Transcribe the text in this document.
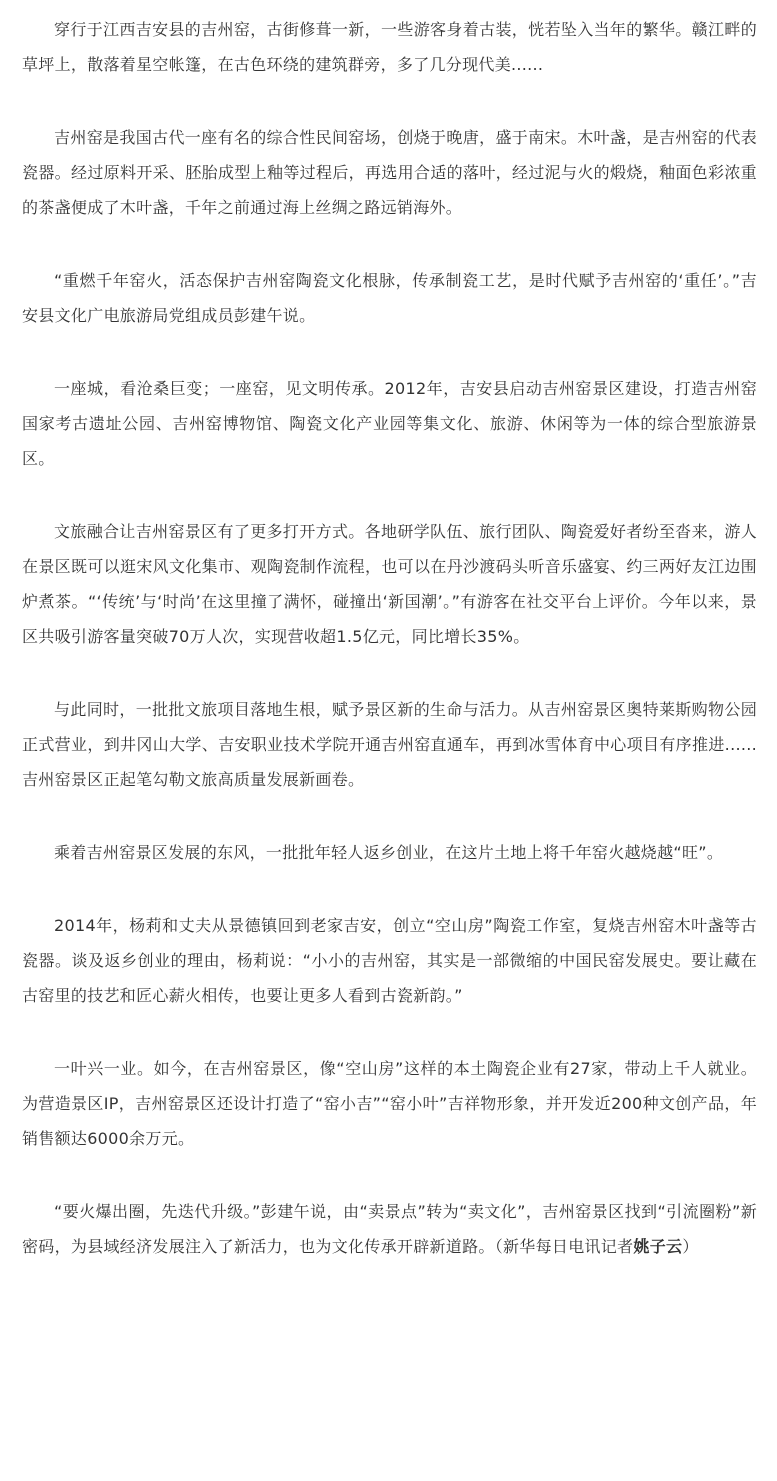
穿行于江西吉安县的吉州窑，古街修葺一新，一些游客身着古装，恍若坠入当年的繁华。赣江畔的草坪上，散落着星空帐篷，在古色环绕的建筑群旁，多了几分现代美......

吉州窑是我国古代一座有名的综合性民间窑场，创烧于晚唐，盛于南宋。木叶盏，是吉州窑的代表瓷器。经过原料开采、胚胎成型上釉等过程后，再选用合适的落叶，经过泥与火的煅烧，釉面色彩浓重的茶盏便成了木叶盏，千年之前通过海上丝绸之路远销海外。

“重燃千年窑火，活态保护吉州窑陶瓷文化根脉，传承制瓷工艺，是时代赋予吉州窑的‘重任’。”吉安县文化广电旅游局党组成员彭建午说。

一座城，看沧桑巨变；一座窑，见文明传承。2012年，吉安县启动吉州窑景区建设，打造吉州窑国家考古遗址公园、吉州窑博物馆、陶瓷文化产业园等集文化、旅游、休闲等为一体的综合型旅游景区。

文旅融合让吉州窑景区有了更多打开方式。各地研学队伍、旅行团队、陶瓷爱好者纷至沓来，游人在景区既可以逛宋风文化集市、观陶瓷制作流程，也可以在丹沙渡码头听音乐盛宴、约三两好友江边围炉煮茶。“‘传统’与‘时尚’在这里撞了满怀，碰撞出‘新国潮’。”有游客在社交平台上评价。今年以来，景区共吸引游客量突破70万人次，实现营收超1.5亿元，同比增长35%。

与此同时，一批批文旅项目落地生根，赋予景区新的生命与活力。从吉州窑景区奥特莱斯购物公园正式营业，到井冈山大学、吉安职业技术学院开通吉州窑直通车，再到冰雪体育中心项目有序推进......吉州窑景区正起笔勾勒文旅高质量发展新画卷。

乘着吉州窑景区发展的东风，一批批年轻人返乡创业，在这片土地上将千年窑火越烧越“旺”。

2014年，杨莉和丈夫从景德镇回到老家吉安，创立“空山房”陶瓷工作室，复烧吉州窑木叶盏等古瓷器。谈及返乡创业的理由，杨莉说：“小小的吉州窑，其实是一部微缩的中国民窑发展史。要让藏在古窑里的技艺和匠心薪火相传，也要让更多人看到古瓷新韵。”

一叶兴一业。如今，在吉州窑景区，像“空山房”这样的本土陶瓷企业有27家，带动上千人就业。为营造景区IP，吉州窑景区还设计打造了“窑小吉”“窑小叶”吉祥物形象，并开发近200种文创产品，年销售额达6000余万元。

“要火爆出圈，先迭代升级。”彭建午说，由“卖景点”转为“卖文化”，吉州窑景区找到“引流圈粉”新密码，为县域经济发展注入了新活力，也为文化传承开辟新道路。（新华每日电讯记者姚子云）
